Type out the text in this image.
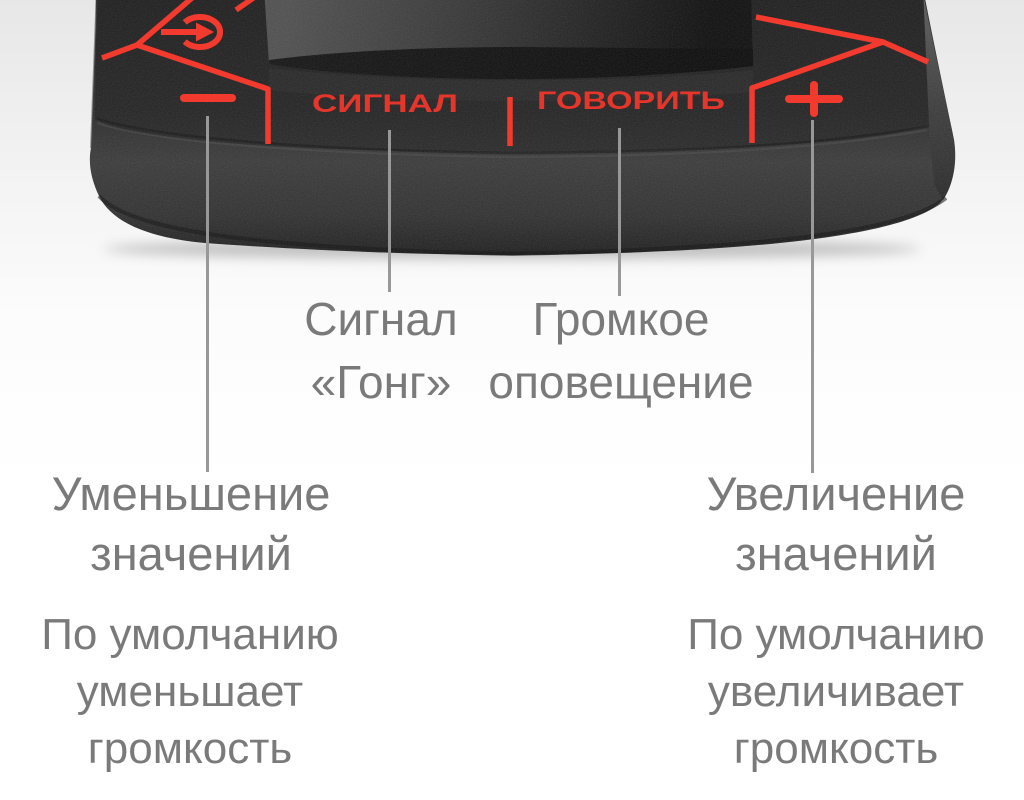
СИГНАЛ	ГОВОРИТЬ
Сигнал
«Гонг»
Громкое
оповещение
Уменьшение
значений
Увеличение
значений
По умолчанию
уменьшает
громкость
По умолчанию
увеличивает
громкость
